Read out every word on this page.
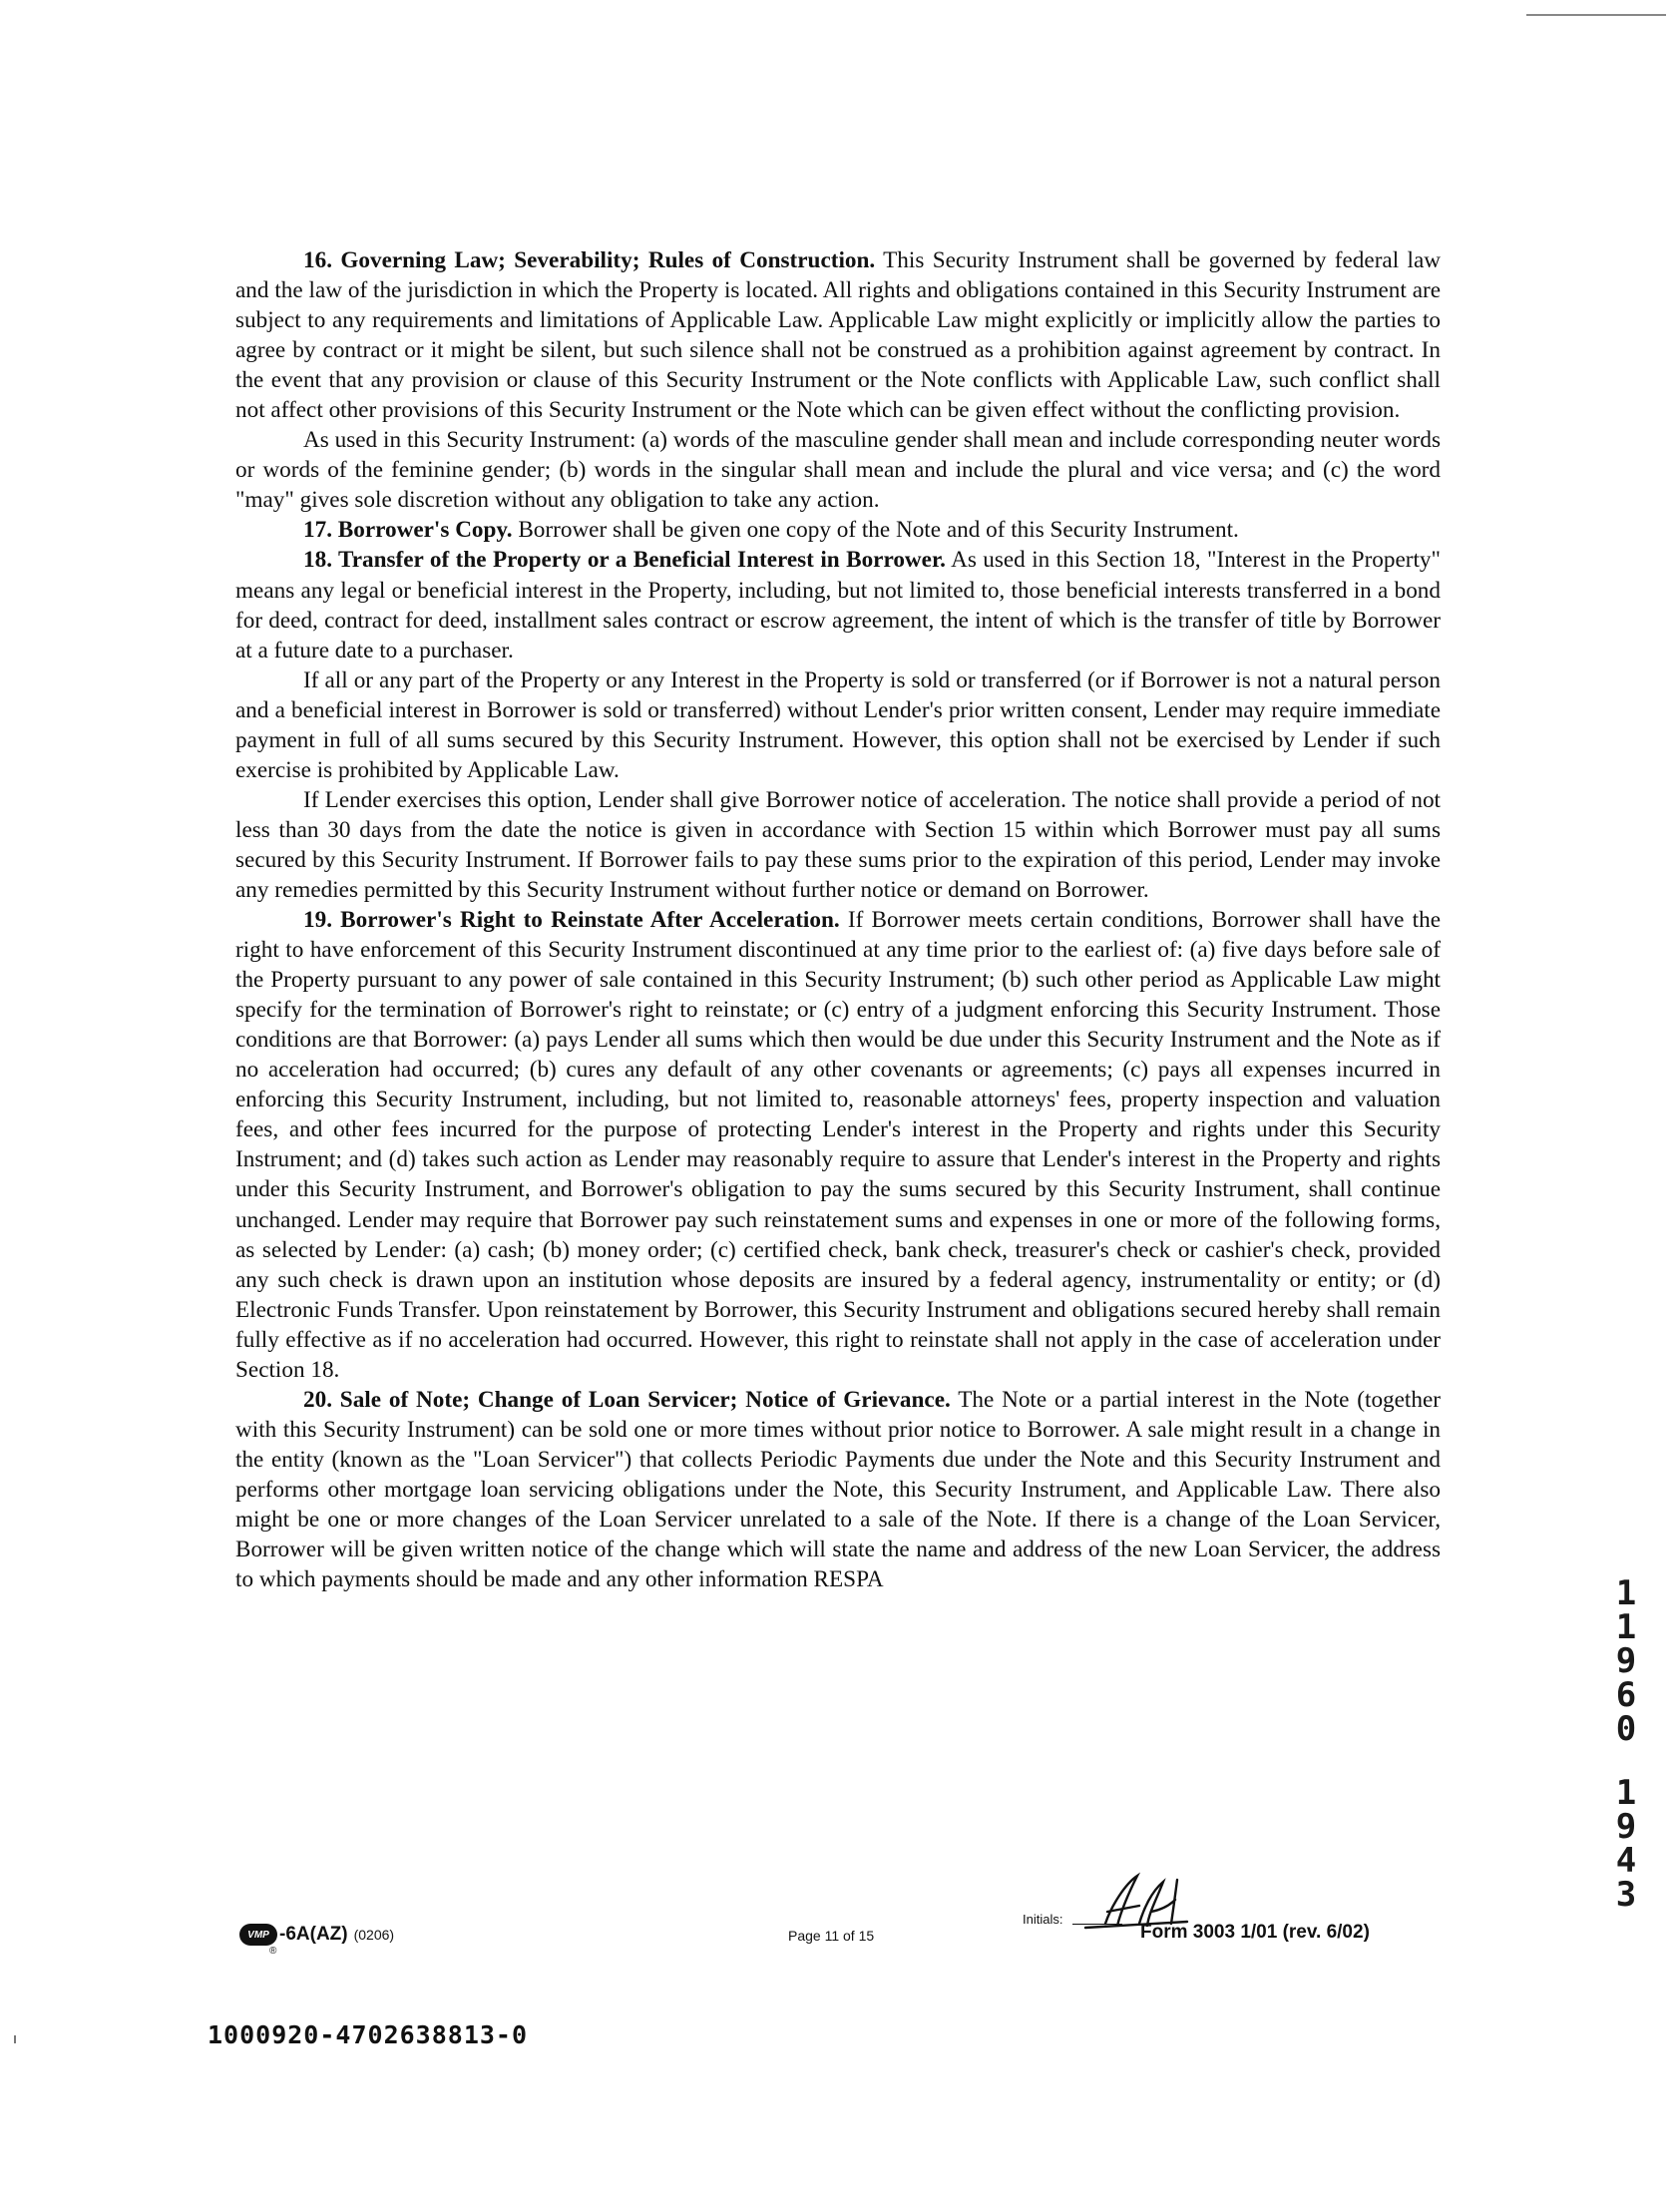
16. Governing Law; Severability; Rules of Construction. This Security Instrument shall be governed by federal law and the law of the jurisdiction in which the Property is located. All rights and obligations contained in this Security Instrument are subject to any requirements and limitations of Applicable Law. Applicable Law might explicitly or implicitly allow the parties to agree by contract or it might be silent, but such silence shall not be construed as a prohibition against agreement by contract. In the event that any provision or clause of this Security Instrument or the Note conflicts with Applicable Law, such conflict shall not affect other provisions of this Security Instrument or the Note which can be given effect without the conflicting provision.

As used in this Security Instrument: (a) words of the masculine gender shall mean and include corresponding neuter words or words of the feminine gender; (b) words in the singular shall mean and include the plural and vice versa; and (c) the word "may" gives sole discretion without any obligation to take any action.

17. Borrower's Copy. Borrower shall be given one copy of the Note and of this Security Instrument.

18. Transfer of the Property or a Beneficial Interest in Borrower. As used in this Section 18, "Interest in the Property" means any legal or beneficial interest in the Property, including, but not limited to, those beneficial interests transferred in a bond for deed, contract for deed, installment sales contract or escrow agreement, the intent of which is the transfer of title by Borrower at a future date to a purchaser.

If all or any part of the Property or any Interest in the Property is sold or transferred (or if Borrower is not a natural person and a beneficial interest in Borrower is sold or transferred) without Lender's prior written consent, Lender may require immediate payment in full of all sums secured by this Security Instrument. However, this option shall not be exercised by Lender if such exercise is prohibited by Applicable Law.

If Lender exercises this option, Lender shall give Borrower notice of acceleration. The notice shall provide a period of not less than 30 days from the date the notice is given in accordance with Section 15 within which Borrower must pay all sums secured by this Security Instrument. If Borrower fails to pay these sums prior to the expiration of this period, Lender may invoke any remedies permitted by this Security Instrument without further notice or demand on Borrower.

19. Borrower's Right to Reinstate After Acceleration. If Borrower meets certain conditions, Borrower shall have the right to have enforcement of this Security Instrument discontinued at any time prior to the earliest of: (a) five days before sale of the Property pursuant to any power of sale contained in this Security Instrument; (b) such other period as Applicable Law might specify for the termination of Borrower's right to reinstate; or (c) entry of a judgment enforcing this Security Instrument. Those conditions are that Borrower: (a) pays Lender all sums which then would be due under this Security Instrument and the Note as if no acceleration had occurred; (b) cures any default of any other covenants or agreements; (c) pays all expenses incurred in enforcing this Security Instrument, including, but not limited to, reasonable attorneys' fees, property inspection and valuation fees, and other fees incurred for the purpose of protecting Lender's interest in the Property and rights under this Security Instrument; and (d) takes such action as Lender may reasonably require to assure that Lender's interest in the Property and rights under this Security Instrument, and Borrower's obligation to pay the sums secured by this Security Instrument, shall continue unchanged. Lender may require that Borrower pay such reinstatement sums and expenses in one or more of the following forms, as selected by Lender: (a) cash; (b) money order; (c) certified check, bank check, treasurer's check or cashier's check, provided any such check is drawn upon an institution whose deposits are insured by a federal agency, instrumentality or entity; or (d) Electronic Funds Transfer. Upon reinstatement by Borrower, this Security Instrument and obligations secured hereby shall remain fully effective as if no acceleration had occurred. However, this right to reinstate shall not apply in the case of acceleration under Section 18.

20. Sale of Note; Change of Loan Servicer; Notice of Grievance. The Note or a partial interest in the Note (together with this Security Instrument) can be sold one or more times without prior notice to Borrower. A sale might result in a change in the entity (known as the "Loan Servicer") that collects Periodic Payments due under the Note and this Security Instrument and performs other mortgage loan servicing obligations under the Note, this Security Instrument, and Applicable Law. There also might be one or more changes of the Loan Servicer unrelated to a sale of the Note. If there is a change of the Loan Servicer, Borrower will be given written notice of the change which will state the name and address of the new Loan Servicer, the address to which payments should be made and any other information RESPA	1
1
9
6
0
1
9
4
3
VMP
®
-6A(AZ) (0206)	Page 11 of 15
Initials:
Form 3003 1/01 (rev. 6/02)
1000920-4702638813-0
